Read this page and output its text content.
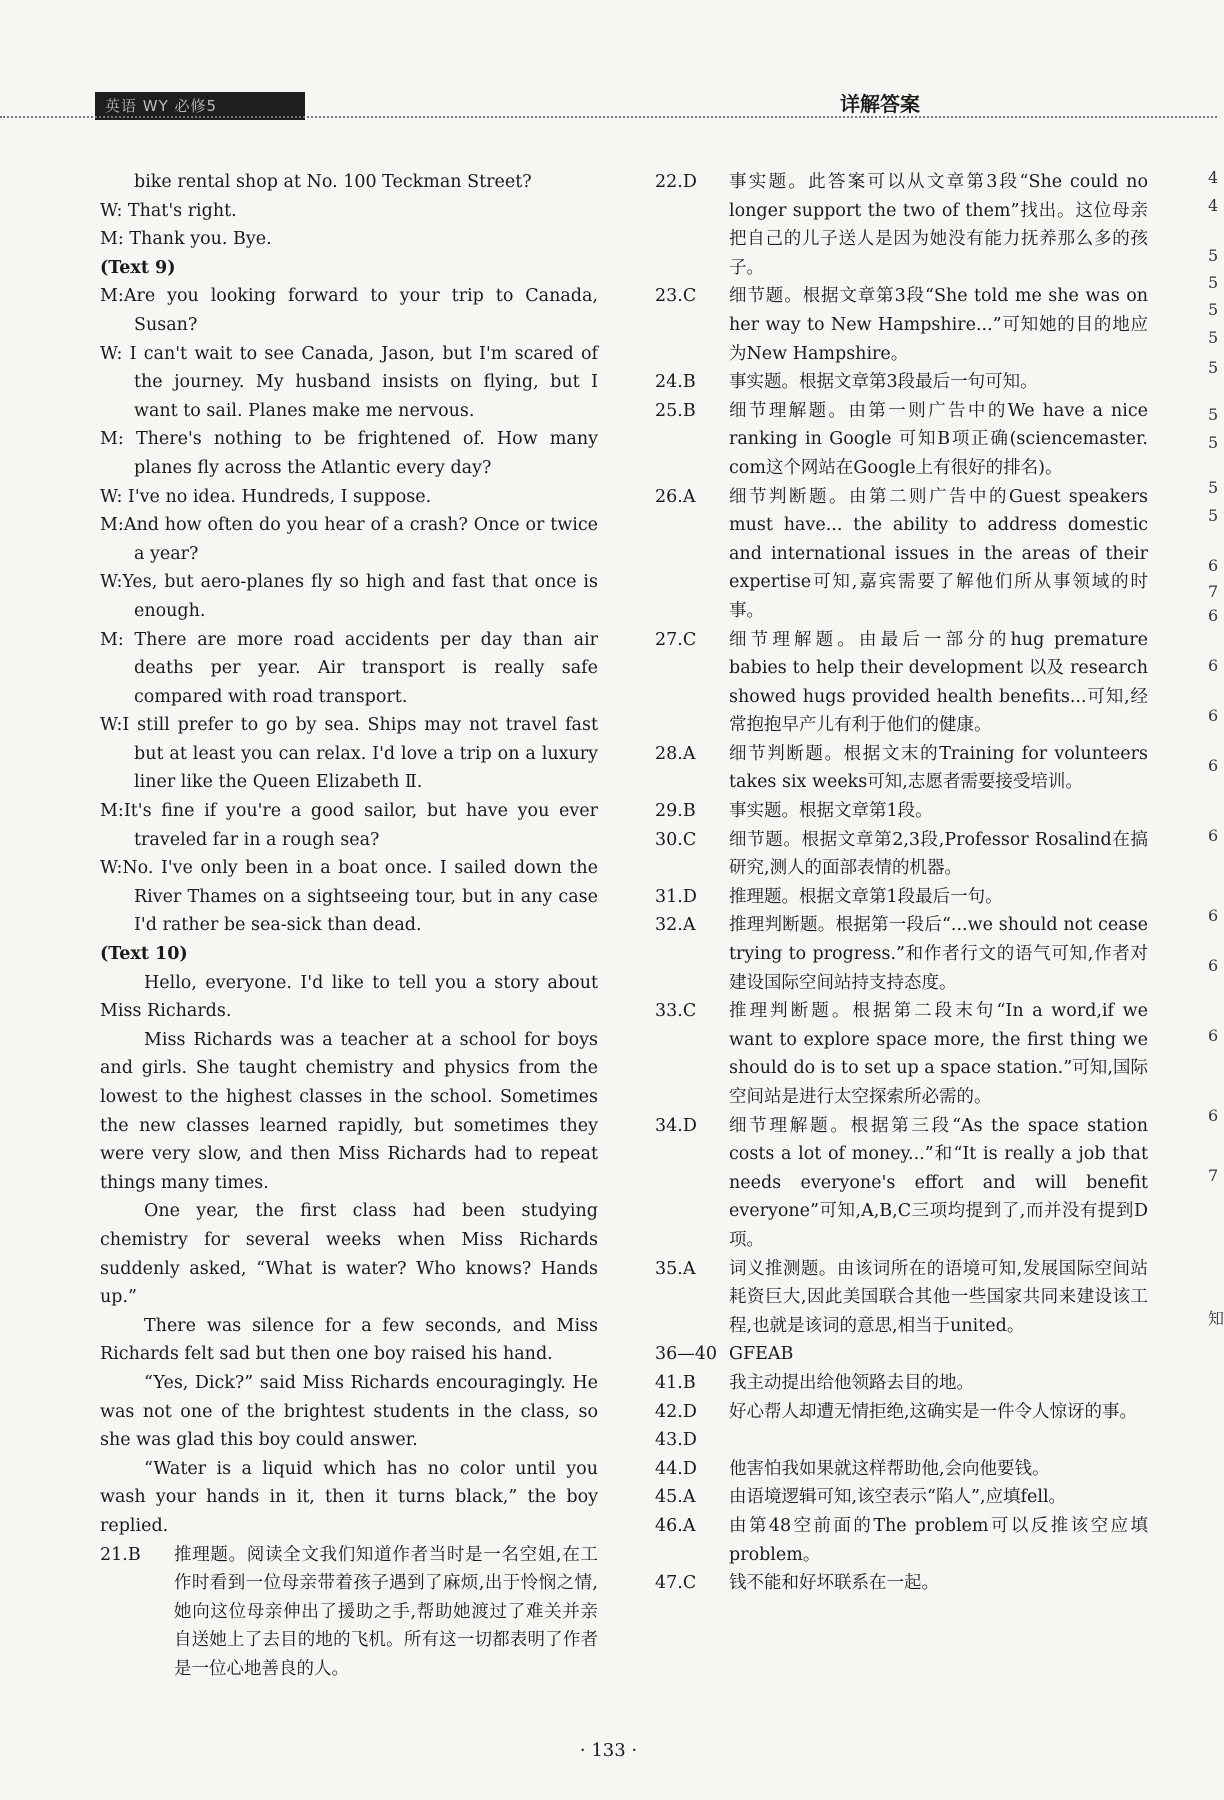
英语 WY 必修5	详解答案

bike rental shop at No. 100 Teckman Street?

W: That's right.

M: Thank you. Bye.

(Text 9)

M:Are you looking forward to your trip to Canada, Susan?

W: I can't wait to see Canada, Jason, but I'm scared of the journey. My husband insists on flying, but I want to sail. Planes make me nervous.

M: There's nothing to be frightened of. How many planes fly across the Atlantic every day?

W: I've no idea. Hundreds, I suppose.

M:And how often do you hear of a crash? Once or twice a year?

W:Yes, but aero-planes fly so high and fast that once is enough.

M: There are more road accidents per day than air deaths per year. Air transport is really safe compared with road transport.

W:I still prefer to go by sea. Ships may not travel fast but at least you can relax. I'd love a trip on a luxury liner like the Queen Elizabeth Ⅱ.

M:It's fine if you're a good sailor, but have you ever traveled far in a rough sea?

W:No. I've only been in a boat once. I sailed down the River Thames on a sightseeing tour, but in any case I'd rather be sea-sick than dead.

(Text 10)

Hello, everyone. I'd like to tell you a story about Miss Richards.

Miss Richards was a teacher at a school for boys and girls. She taught chemistry and physics from the lowest to the highest classes in the school. Sometimes the new classes learned rapidly, but sometimes they were very slow, and then Miss Richards had to repeat things many times.

One year, the first class had been studying chemistry for several weeks when Miss Richards suddenly asked, “What is water? Who knows? Hands up.”

There was silence for a few seconds, and Miss Richards felt sad but then one boy raised his hand.

“Yes, Dick?” said Miss Richards encouragingly. He was not one of the brightest students in the class, so she was glad this boy could answer.

“Water is a liquid which has no color until you wash your hands in it, then it turns black,” the boy replied.

21.B	推理题。阅读全文我们知道作者当时是一名空姐,在工作时看到一位母亲带着孩子遇到了麻烦,出于怜悯之情,她向这位母亲伸出了援助之手,帮助她渡过了难关并亲自送她上了去目的地的飞机。所有这一切都表明了作者是一位心地善良的人。
22.D	事实题。此答案可以从文章第3段“She could no longer support the two of them”找出。这位母亲把自己的儿子送人是因为她没有能力抚养那么多的孩子。
23.C	细节题。根据文章第3段“She told me she was on her way to New Hampshire...”可知她的目的地应为New Hampshire。
24.B	事实题。根据文章第3段最后一句可知。
25.B	细节理解题。由第一则广告中的We have a nice ranking in Google 可知B项正确(sciencemaster. com这个网站在Google上有很好的排名)。
26.A	细节判断题。由第二则广告中的Guest speakers must have... the ability to address domestic and international issues in the areas of their expertise可知,嘉宾需要了解他们所从事领域的时事。
27.C	细节理解题。由最后一部分的hug premature babies to help their development 以及 research showed hugs provided health benefits...可知,经常抱抱早产儿有利于他们的健康。
28.A	细节判断题。根据文末的Training for volunteers takes six weeks可知,志愿者需要接受培训。
29.B	事实题。根据文章第1段。
30.C	细节题。根据文章第2,3段,Professor Rosalind在搞研究,测人的面部表情的机器。
31.D	推理题。根据文章第1段最后一句。
32.A	推理判断题。根据第一段后“...we should not cease trying to progress.”和作者行文的语气可知,作者对建设国际空间站持支持态度。
33.C	推理判断题。根据第二段末句“In a word,if we want to explore space more, the first thing we should do is to set up a space station.”可知,国际空间站是进行太空探索所必需的。
34.D	细节理解题。根据第三段“As the space station costs a lot of money...”和“It is really a job that needs everyone's effort and will benefit everyone”可知,A,B,C三项均提到了,而并没有提到D项。
35.A	词义推测题。由该词所在的语境可知,发展国际空间站耗资巨大,因此美国联合其他一些国家共同来建设该工程,也就是该词的意思,相当于united。
36—40 GFEAB
41.B	我主动提出给他领路去目的地。
42.D	好心帮人却遭无情拒绝,这确实是一件令人惊讶的事。
43.D
44.D	他害怕我如果就这样帮助他,会向他要钱。
45.A	由语境逻辑可知,该空表示“陷人”,应填fell。
46.A	由第48空前面的The problem可以反推该空应填problem。
47.C	钱不能和好坏联系在一起。
· 133 ·
4
4
5
5
5
5
5
5
5
5
5
6
7
6
6
6
6
6
6
6
6
6
7
知
